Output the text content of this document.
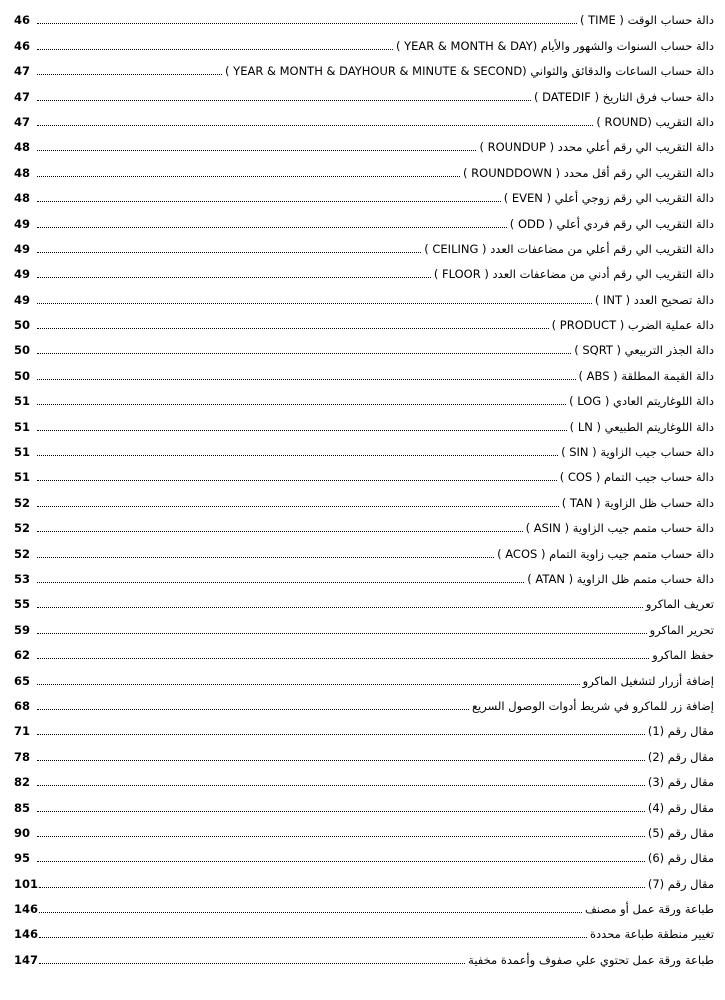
دالة حساب الوقت ( TIME )
46
دالة حساب السنوات والشهور والأيام (YEAR & MONTH & DAY )
46
دالة حساب الساعات والدقائق والثواني (YEAR & MONTH & DAYHOUR & MINUTE & SECOND )
47
دالة حساب فرق التاريخ ( DATEDIF )
47
دالة التقريب (ROUND )
47
دالة التقريب الي رقم أعلي محدد ( ROUNDUP )
48
دالة التقريب الي رقم أقل محدد ( ROUNDDOWN )
48
دالة التقريب الي رقم زوجي أعلي ( EVEN )
48
دالة التقريب الي رقم فردي أعلي ( ODD )
49
دالة التقريب الي رقم أعلي من مضاعفات العدد ( CEILING )
49
دالة التقريب الي رقم أدني من مضاعفات العدد ( FLOOR )
49
دالة تصحيح العدد ( INT )
49
دالة عملية الضرب ( PRODUCT )
50
دالة الجذر التربيعي ( SQRT )
50
دالة القيمة المطلقة ( ABS )
50
دالة اللوغاريتم العادي ( LOG )
51
دالة اللوغاريتم الطبيعي ( LN )
51
دالة حساب جيب الزاوية ( SIN )
51
دالة حساب جيب التمام ( COS )
51
دالة حساب ظل الزاوية ( TAN )
52
دالة حساب متمم جيب الزاوية ( ASIN )
52
دالة حساب متمم جيب زاوية التمام ( ACOS )
52
دالة حساب متمم ظل الزاوية ( ATAN )
53
تعريف الماكرو
55
تحرير الماكرو
59
حفظ الماكرو
62
إضافة أزرار لتشغيل الماكرو
65
إضافة زر للماكرو في شريط أدوات الوصول السريع
68
مقال رقم (1)
71
مقال رقم (2)
78
مقال رقم (3)
82
مقال رقم (4)
85
مقال رقم (5)
90
مقال رقم (6)
95
مقال رقم (7)
101
طباعة ورقة عمل أو مصنف
146
تغيير منطقة طباعة محددة
146
طباعة ورقة عمل تحتوي علي صفوف وأعمدة مخفية
147
